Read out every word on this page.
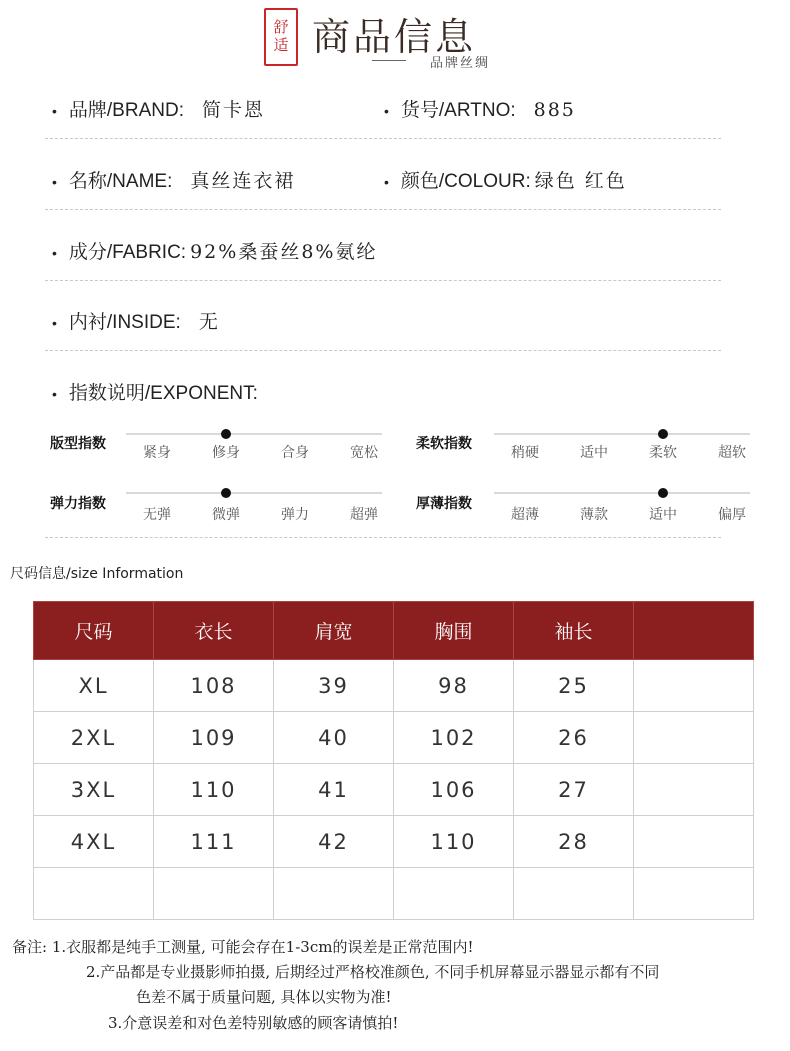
舒
适 商品信息
品牌丝绸
• 品牌/BRAND: 简卡恩	• 货号/ARTNO: 885
• 名称/NAME: 真丝连衣裙	• 颜色/COLOUR: 绿色 红色
• 成分/FABRIC: 92%桑蚕丝8%氨纶
• 内衬/INSIDE: 无
• 指数说明/EXPONENT:
版型指数
紧身	修身	合身	宽松
柔软指数
稍硬	适中	柔软	超软
弹力指数
无弹	微弹	弹力	超弹
厚薄指数
超薄	薄款	适中	偏厚
尺码信息/size Information
尺码	衣长	肩宽	胸围	袖长	
XL	108	39	98	25	
2XL	109	40	102	26	
3XL	110	41	106	27	
4XL	111	42	110	28	

备注: 1.衣服都是纯手工测量, 可能会存在1-3cm的误差是正常范围内!
2.产品都是专业摄影师拍摄, 后期经过严格校准颜色, 不同手机屏幕显示器显示都有不同
色差不属于质量问题, 具体以实物为准!
3.介意误差和对色差特别敏感的顾客请慎拍!
